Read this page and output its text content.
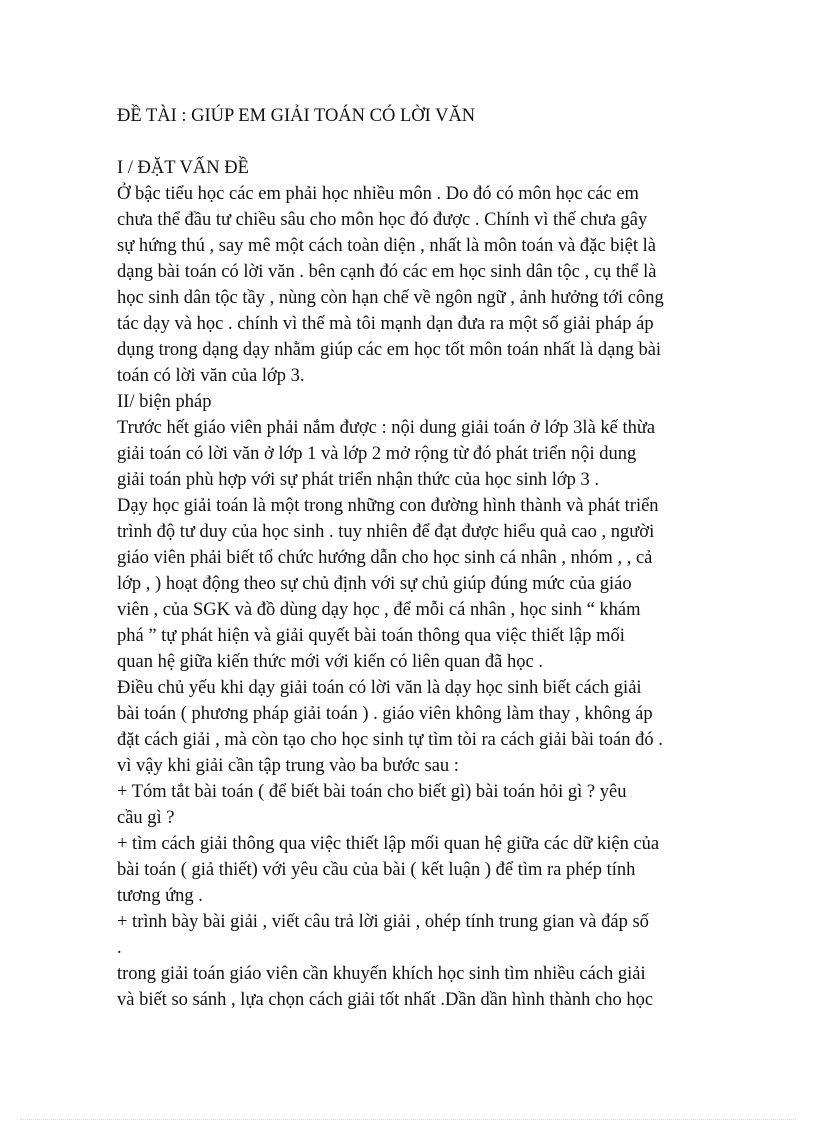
ĐỀ TÀI : GIÚP EM GIẢI TOÁN CÓ LỜI VĂN

I / ĐẶT VẤN ĐỀ

Ở bậc tiểu học các em phải học nhiều môn . Do đó có môn học các em

chưa thể đầu tư chiều sâu cho môn học đó được . Chính vì thế chưa gây

sự hứng thú , say mê một cách toàn diện , nhất là môn toán và đặc biệt là

dạng bài toán có lời văn . bên cạnh đó các em học sinh dân tộc , cụ thể là

học sinh dân tộc tầy , nùng còn hạn chế về ngôn ngữ , ảnh hưởng tới công

tác dạy và học . chính vì thế mà tôi mạnh dạn đưa ra một số giải pháp áp

dụng trong dạng dạy nhằm giúp các em học tốt môn toán nhất là dạng bài

toán có lời văn của lớp 3.

II/ biện pháp

Trước hết giáo viên phải nắm được : nội dung giải toán ở lớp 3là kế thừa

giải toán có lời văn ở lớp 1 và lớp 2 mở rộng từ đó phát triển nội dung

giải toán phù hợp với sự phát triển nhận thức của học sinh lớp 3 .

Dạy học giải toán là một trong những con đường hình thành và phát triển

trình độ tư duy của học sinh . tuy nhiên để đạt được hiểu quả cao , người

giáo viên phải biết tổ chức hướng dẫn cho học sinh cá nhân , nhóm , , cả

lớp , ) hoạt động theo sự chủ định với sự chủ giúp đúng mức của giáo

viên , của SGK và đồ dùng dạy học , để mỗi cá nhân , học sinh “ khám

phá ” tự phát hiện và giải quyết bài toán thông qua việc thiết lập mối

quan hệ giữa kiến thức mới với kiến có liên quan đã học .

Điều chủ yếu khi dạy giải toán có lời văn là dạy học sinh biết cách giải

bài toán ( phương pháp giải toán ) . giáo viên không làm thay , không áp

đặt cách giải , mà còn tạo cho học sinh tự tìm tòi ra cách giải bài toán đó .

vì vậy khi giải cần tập trung vào ba bước sau :

+ Tóm tắt bài toán ( để biết bài toán cho biết gì) bài toán hỏi gì ? yêu

cầu gì ?

+ tìm cách giải thông qua việc thiết lập mối quan hệ giữa các dữ kiện của

bài toán ( giả thiết) với yêu cầu của bài ( kết luận ) để tìm ra phép tính

tương ứng .

+ trình bày bài giải , viết câu trả lời giải , ohép tính trung gian và đáp số

.

trong giải toán giáo viên cần khuyến khích học sinh tìm nhiều cách giải

và biết so sánh , lựa chọn cách giải tốt nhất .Dần dần hình thành cho học
